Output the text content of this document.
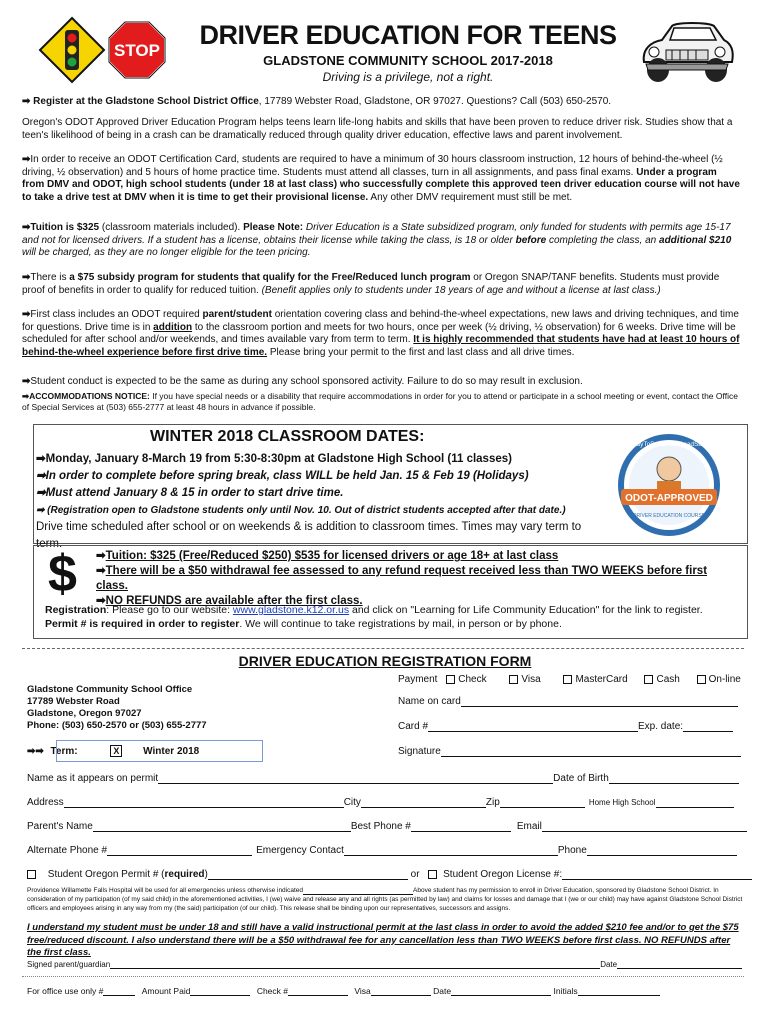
STOP
DRIVER EDUCATION FOR TEENS
GLADSTONE COMMUNITY SCHOOL 2017-2018
Driving is a privilege, not a right.
➡ Register at the Gladstone School District Office, 17789 Webster Road, Gladstone, OR 97027. Questions? Call (503) 650-2570.
Oregon's ODOT Approved Driver Education Program helps teens learn life-long habits and skills that have been proven to reduce driver risk. Studies show that a teen's likelihood of being in a crash can be dramatically reduced through quality driver education, effective laws and parent involvement.
➡In order to receive an ODOT Certification Card, students are required to have a minimum of 30 hours classroom instruction, 12 hours of behind-the-wheel (½ driving, ½ observation) and 5 hours of home practice time. Students must attend all classes, turn in all assignments, and pass final exams. Under a program from DMV and ODOT, high school students (under 18 at last class) who successfully complete this approved teen driver education course will not have to take a drive test at DMV when it is time to get their provisional license. Any other DMV requirement must still be met.
➡Tuition is $325 (classroom materials included). Please Note: Driver Education is a State subsidized program, only funded for students with permits age 15-17 and not for licensed drivers. If a student has a license, obtains their license while taking the class, is 18 or older before completing the class, an additional $210 will be charged, as they are no longer eligible for the teen pricing.
➡There is a $75 subsidy program for students that qualify for the Free/Reduced lunch program or Oregon SNAP/TANF benefits. Students must provide proof of benefits in order to qualify for reduced tuition. (Benefit applies only to students under 18 years of age and without a license at last class.)
➡First class includes an ODOT required parent/student orientation covering class and behind-the-wheel expectations, new laws and driving techniques, and time for questions. Drive time is in addition to the classroom portion and meets for two hours, once per week (½ driving, ½ observation) for 6 weeks. Drive time will be scheduled for after school and/or weekends, and times available vary from term to term. It is highly recommended that students have had at least 10 hours of behind-the-wheel experience before first drive time. Please bring your permit to the first and last class and all drive times.
➡Student conduct is expected to be the same as during any school sponsored activity. Failure to do so may result in exclusion.
➡ACCOMMODATIONS NOTICE: If you have special needs or a disability that require accommodations in order for you to attend or participate in a school meeting or event, contact the Office of Special Services at (503) 655-2777 at least 48 hours in advance if possible.
WINTER 2018 CLASSROOM DATES:
➡Monday, January 8-March 19 from 5:30-8:30pm at Gladstone High School (11 classes)
➡In order to complete before spring break, class WILL be held Jan. 15 & Feb 19 (Holidays)
➡Must attend January 8 & 15 in order to start drive time.
➡ (Registration open to Gladstone students only until Nov. 10. Out of district students accepted after that date.)
Drive time scheduled after school or on weekends & is addition to classroom times. Times may vary term to term.
WayToDriveWithRoadSafe
ODOT-APPROVED
DRIVER EDUCATION COURSE
$ ➡Tuition: $325 (Free/Reduced $250) $535 for licensed drivers or age 18+ at last class
➡There will be a $50 withdrawal fee assessed to any refund request received less than TWO WEEKS before first class.
➡NO REFUNDS are available after the first class.
Registration: Please go to our website: www.gladstone.k12.or.us and click on "Learning for Life Community Education" for the link to register.
Permit # is required in order to register. We will continue to take registrations by mail, in person or by phone.
DRIVER EDUCATION REGISTRATION FORM
Payment Check	Visa	MasterCard	Cash	On-line
Gladstone Community School Office
17789 Webster Road
Gladstone, Oregon 97027
Phone: (503) 650-2570 or (503) 655-2777
Name on card
Card #	Exp. date:
Signature
➡➡ Term:	X Winter 2018
Name as it appears on permit	Date of Birth
Address	City	Zip	Home High School
Parent's Name	Best Phone #	Email
Alternate Phone #	Emergency Contact	Phone
Student Oregon Permit # (required)	or Student Oregon License #:
Providence Willamette Falls Hospital will be used for all emergencies unless otherwise indicated	Above student has my permission to enroll in Driver Education, sponsored by Gladstone School District. In consideration of my participation (of my said child) in the aforementioned activities, I (we) waive and release any and all rights (as permitted by law) and claims for losses and damage that I (we or our child) may have against Gladstone School District officers and employees arising in any way from my (the said) participation (of our child). This release shall be binding upon our representatives, successors and assigns.
I understand my student must be under 18 and still have a valid instructional permit at the last class in order to avoid the added $210 fee and/or to get the $75 free/reduced discount. I also understand there will be a $50 withdrawal fee for any cancellation less than TWO WEEKS before first class. NO REFUNDS after the first class.
Signed parent/guardian	Date
For office use only #	Amount Paid	Check #	Visa	Date	Initials
